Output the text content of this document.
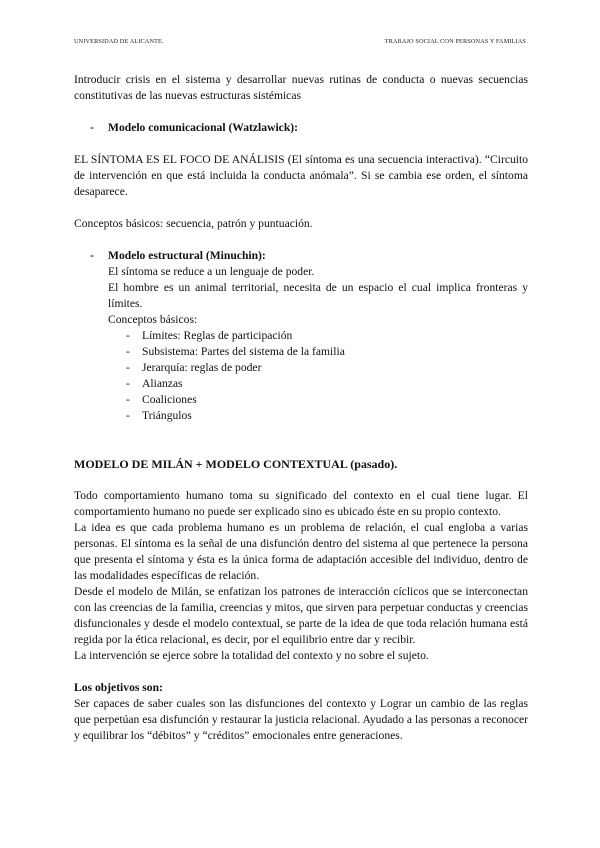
UNIVERSIDAD DE ALICANTE.	TRABAJO SOCIAL CON PERSONAS Y FAMILIAS

Introducir crisis en el sistema y desarrollar nuevas rutinas de conducta o nuevas secuencias constitutivas de las nuevas estructuras sistémicas

- Modelo comunicacional (Watzlawick):

EL SÍNTOMA ES EL FOCO DE ANÁLISIS (El síntoma es una secuencia interactiva). “Circuito de intervención en que está incluida la conducta anómala”. Si se cambia ese orden, el síntoma desaparece.

Conceptos básicos: secuencia, patrón y puntuación.

- Modelo estructural (Minuchin):

El síntoma se reduce a un lenguaje de poder.

El hombre es un animal territorial, necesita de un espacio el cual implica fronteras y límites.

Conceptos básicos:

- Límites: Reglas de participación
- Subsistema: Partes del sistema de la familia
- Jerarquía: reglas de poder
- Alianzas
- Coaliciones
- Triángulos

MODELO DE MILÁN + MODELO CONTEXTUAL (pasado).

Todo comportamiento humano toma su significado del contexto en el cual tiene lugar. El comportamiento humano no puede ser explicado sino es ubicado éste en su propio contexto.

La idea es que cada problema humano es un problema de relación, el cual engloba a varias personas. El síntoma es la señal de una disfunción dentro del sistema al que pertenece la persona que presenta el síntoma y ésta es la única forma de adaptación accesible del individuo, dentro de las modalidades específicas de relación.

Desde el modelo de Milán, se enfatizan los patrones de interacción cíclicos que se interconectan con las creencias de la familia, creencias y mitos, que sirven para perpetuar conductas y creencias disfuncionales y desde el modelo contextual, se parte de la idea de que toda relación humana está regida por la ética relacional, es decir, por el equilibrio entre dar y recibir.

La intervención se ejerce sobre la totalidad del contexto y no sobre el sujeto.

Los objetivos son:

Ser capaces de saber cuales son las disfunciones del contexto y Lograr un cambio de las reglas que perpetúan esa disfunción y restaurar la justicia relacional. Ayudado a las personas a reconocer y equilibrar los “débitos” y “créditos” emocionales entre generaciones.
